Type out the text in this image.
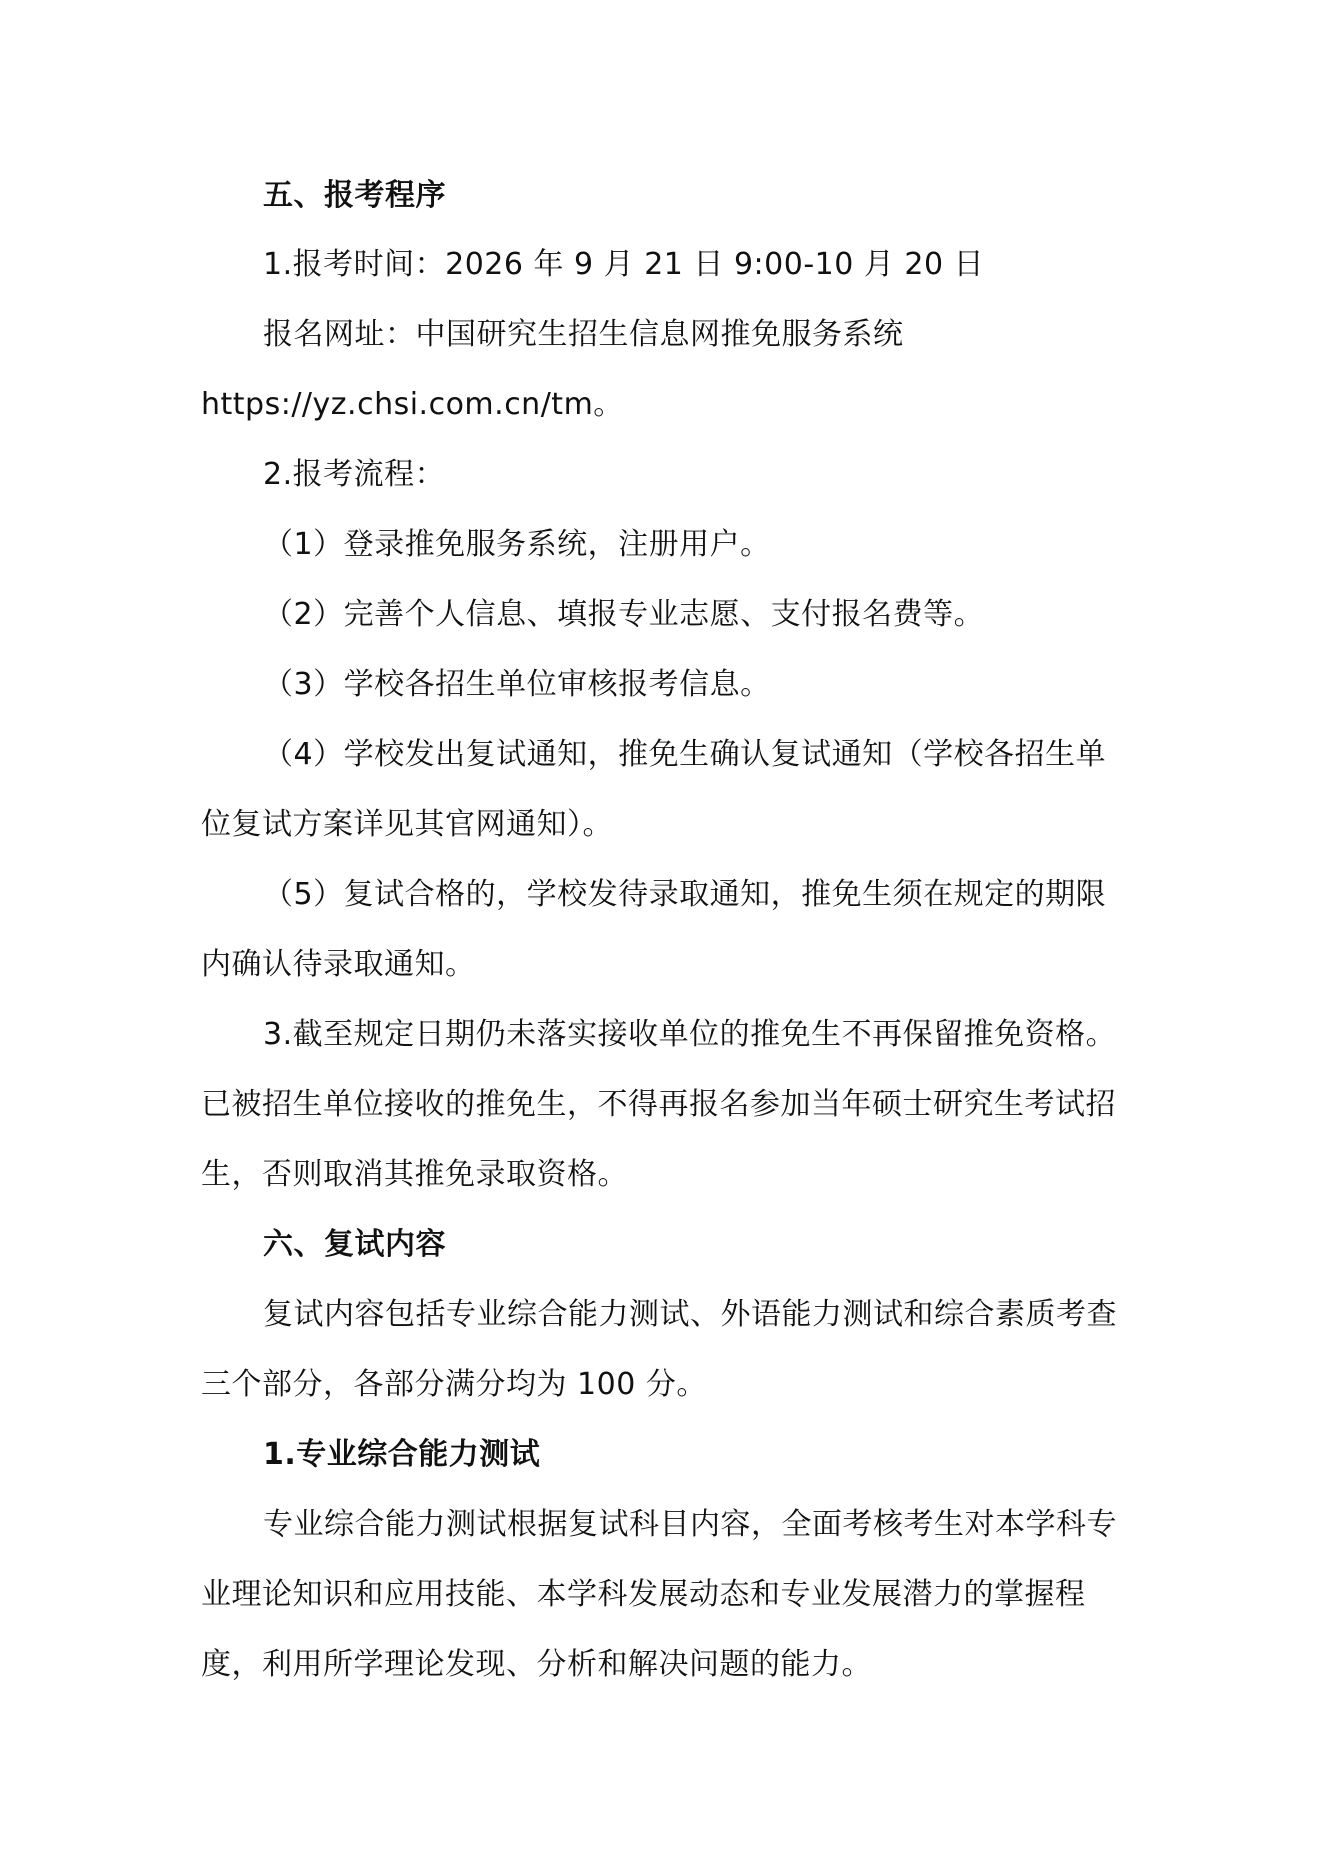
五、报考程序
1.报考时间：2026 年 9 月 21 日 9:00-10 月 20 日
报名网址：中国研究生招生信息网推免服务系统
https://yz.chsi.com.cn/tm。
2.报考流程：
（1）登录推免服务系统，注册用户。
（2）完善个人信息、填报专业志愿、支付报名费等。
（3）学校各招生单位审核报考信息。
（4）学校发出复试通知，推免生确认复试通知（学校各招生单
位复试方案详见其官网通知）。
（5）复试合格的，学校发待录取通知，推免生须在规定的期限
内确认待录取通知。
3.截至规定日期仍未落实接收单位的推免生不再保留推免资格。
已被招生单位接收的推免生，不得再报名参加当年硕士研究生考试招
生，否则取消其推免录取资格。
六、复试内容
复试内容包括专业综合能力测试、外语能力测试和综合素质考查
三个部分，各部分满分均为 100 分。
1.专业综合能力测试
专业综合能力测试根据复试科目内容，全面考核考生对本学科专
业理论知识和应用技能、本学科发展动态和专业发展潜力的掌握程
度，利用所学理论发现、分析和解决问题的能力。
